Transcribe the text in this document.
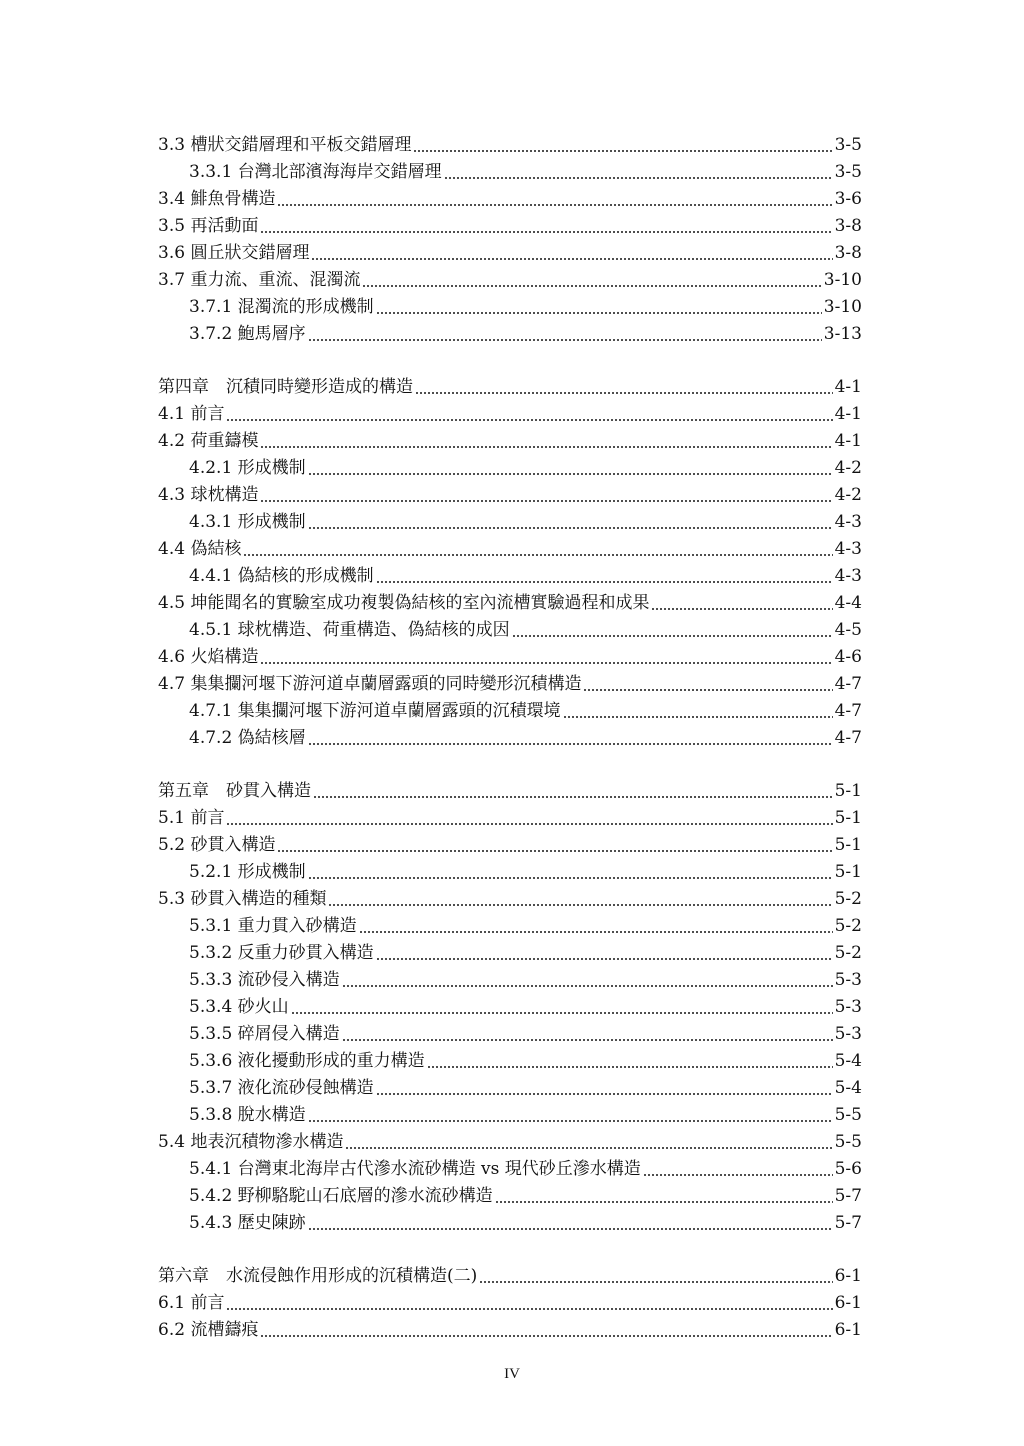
3.3 槽狀交錯層理和平板交錯層理	3-5
3.3.1 台灣北部濱海海岸交錯層理	3-5
3.4 鯡魚骨構造	3-6
3.5 再活動面	3-8
3.6 圓丘狀交錯層理	3-8
3.7 重力流、重流、混濁流	3-10
3.7.1 混濁流的形成機制	3-10
3.7.2 鮑馬層序	3-13
第四章　沉積同時變形造成的構造	4-1
4.1 前言	4-1
4.2 荷重鑄模	4-1
4.2.1 形成機制	4-2
4.3 球枕構造	4-2
4.3.1 形成機制	4-3
4.4 偽結核	4-3
4.4.1 偽結核的形成機制	4-3
4.5 坤能聞名的實驗室成功複製偽結核的室內流槽實驗過程和成果	4-4
4.5.1 球枕構造、荷重構造、偽結核的成因	4-5
4.6 火焰構造	4-6
4.7 集集攔河堰下游河道卓蘭層露頭的同時變形沉積構造	4-7
4.7.1 集集攔河堰下游河道卓蘭層露頭的沉積環境	4-7
4.7.2 偽結核層	4-7
第五章　砂貫入構造	5-1
5.1 前言	5-1
5.2 砂貫入構造	5-1
5.2.1 形成機制	5-1
5.3 砂貫入構造的種類	5-2
5.3.1 重力貫入砂構造	5-2
5.3.2 反重力砂貫入構造	5-2
5.3.3 流砂侵入構造	5-3
5.3.4 砂火山	5-3
5.3.5 碎屑侵入構造	5-3
5.3.6 液化擾動形成的重力構造	5-4
5.3.7 液化流砂侵蝕構造	5-4
5.3.8 脫水構造	5-5
5.4 地表沉積物滲水構造	5-5
5.4.1 台灣東北海岸古代滲水流砂構造 vs 現代砂丘滲水構造	5-6
5.4.2 野柳駱駝山石底層的滲水流砂構造	5-7
5.4.3 歷史陳跡	5-7
第六章　水流侵蝕作用形成的沉積構造(二)	6-1
6.1 前言	6-1
6.2 流槽鑄痕	6-1
IV
